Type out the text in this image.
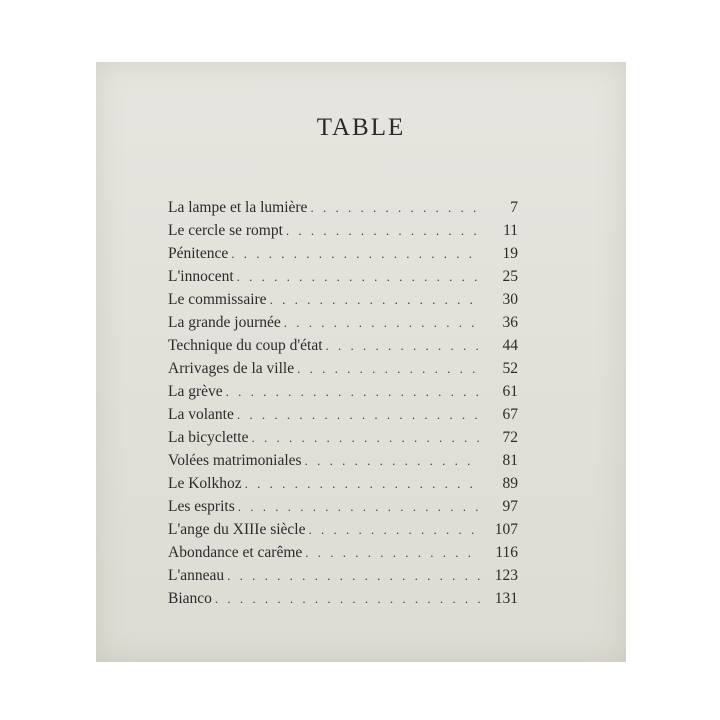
TABLE
La lampe et la lumière . . .	7
Le cercle se rompt . . .	11
Pénitence . . .	19
L'innocent . . .	25
Le commissaire . . .	30
La grande journée . . .	36
Technique du coup d'état . . .	44
Arrivages de la ville . . .	52
La grève . . .	61
La volante . . .	67
La bicyclette . . .	72
Volées matrimoniales . . .	81
Le Kolkhoz . . .	89
Les esprits . . .	97
L'ange du XIIIe siècle . . .	107
Abondance et carême . . .	116
L'anneau . . .	123
Bianco . . .	131
